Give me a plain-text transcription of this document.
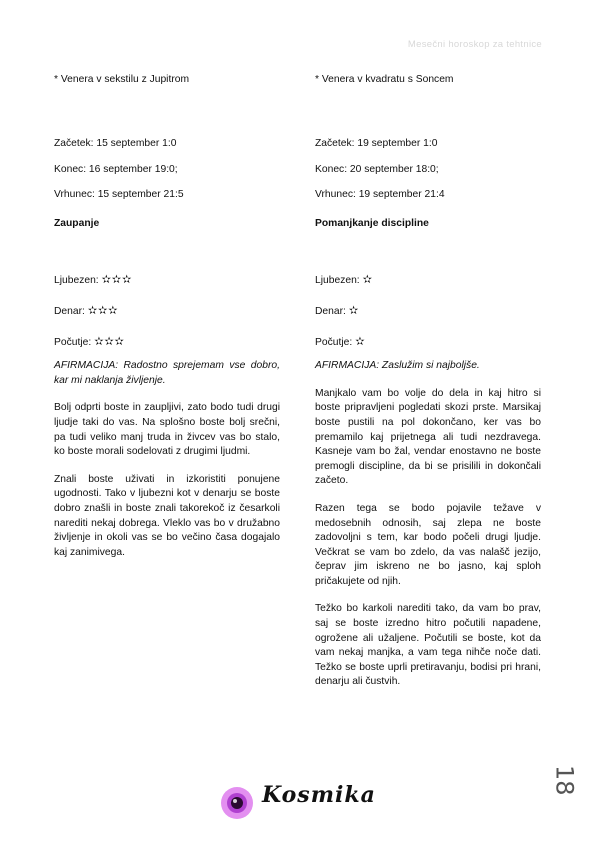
Mesečni horoskop za tehtnice

* Venera v sekstilu z Jupitrom

Začetek: 15 september 1:0

Konec: 16 september 19:0;

Vrhunec: 15 september 21:5

Zaupanje

Ljubezen: ✫✫✫

Denar: ✫✫✫

Počutje: ✫✫✫

AFIRMACIJA: Radostno sprejemam vse dobro, kar mi naklanja življenje.

Bolj odprti boste in zaupljivi, zato bodo tudi drugi ljudje taki do vas. Na splošno boste bolj srečni, pa tudi veliko manj truda in živcev vas bo stalo, ko boste morali sodelovati z drugimi ljudmi.

Znali boste uživati in izkoristiti ponujene ugodnosti. Tako v ljubezni kot v denarju se boste dobro znašli in boste znali takorekoč iz česarkoli narediti nekaj dobrega. Vleklo vas bo v družabno življenje in okoli vas se bo večino časa dogajalo kaj zanimivega.

* Venera v kvadratu s Soncem

Začetek: 19 september 1:0

Konec: 20 september 18:0;

Vrhunec: 19 september 21:4

Pomanjkanje discipline

Ljubezen: ✫

Denar: ✫

Počutje: ✫

AFIRMACIJA: Zaslužim si najboljše.

Manjkalo vam bo volje do dela in kaj hitro si boste pripravljeni pogledati skozi prste. Marsikaj boste pustili na pol dokončano, ker vas bo premamilo kaj prijetnega ali tudi nezdravega. Kasneje vam bo žal, vendar enostavno ne boste premogli discipline, da bi se prisilili in dokončali začeto.

Razen tega se bodo pojavile težave v medosebnih odnosih, saj zlepa ne boste zadovoljni s tem, kar bodo počeli drugi ljudje. Večkrat se vam bo zdelo, da vas nalašč jezijo, čeprav jim iskreno ne bo jasno, kaj sploh pričakujete od njih.

Težko bo karkoli narediti tako, da vam bo prav, saj se boste izredno hitro počutili napadene, ogrožene ali užaljene. Počutili se boste, kot da vam nekaj manjka, a vam tega nihče noče dati. Težko se boste uprli pretiravanju, bodisi pri hrani, denarju ali čustvih.

18
Kosmika
